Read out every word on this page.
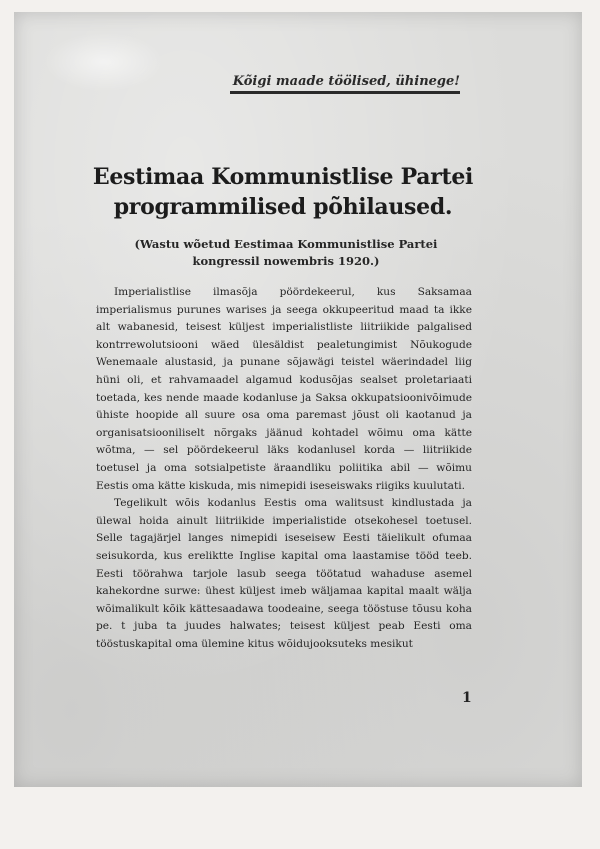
Kõigi maade töölised, ühinege!
Eestimaa Kommunistlise Partei programmilised põhilaused.
(Wastu wõetud Eestimaa Kommunistlise Partei kongressil nowembris 1920.)

Imperialistlise ilmasõja pöördekeerul, kus Saksamaa imperialismus purunes warises ja seega okkupeeritud maad ta ikke alt wabanesid, teisest küljest imperialistliste liitriikide palgalised kontrrewolutsiooni wäed ülesäldist pealetungimist Nõukogude Wenemaale alustasid, ja punane sõjawägi teistel wäerindadel liig hüni oli, et rahvamaadel algamud kodusõjas sealset proletariaati toetada, kes nende maade kodanluse ja Saksa okkupatsioonivõimude ühiste hoopide all suure osa oma paremast jõust oli kaotanud ja organisatsiooniliselt nõrgaks jäänud kohtadel wõimu oma kätte wõtma, — sel pöördekeerul läks kodanlusel korda — liitriikide toetusel ja oma sotsialpetiste äraandliku poliitika abil — wõimu Eestis oma kätte kiskuda, mis nimepidi iseseiswaks riigiks kuulutati.

Tegelikult wõis kodanlus Eestis oma walitsust kindlustada ja ülewal hoida ainult liitriikide imperialistide otsekohesel toetusel. Selle tagajärjel langes nimepidi iseseisew Eesti täielikult ofumaa seisukorda, kus ereliktte Inglise kapital oma laastamise tööd teeb. Eesti töörahwa tarjole lasub seega töötatud wahaduse asemel kahekordne surwe: ühest küljest imeb wäljamaa kapital maalt wälja wõimalikult kõik kättesaadawa toodeaine, seega tööstuse tõusu koha pe. t juba ta juudes halwates; teisest küljest peab Eesti oma tööstuskapital oma ülemine kitus wõidujooksuteks mesikut

1
